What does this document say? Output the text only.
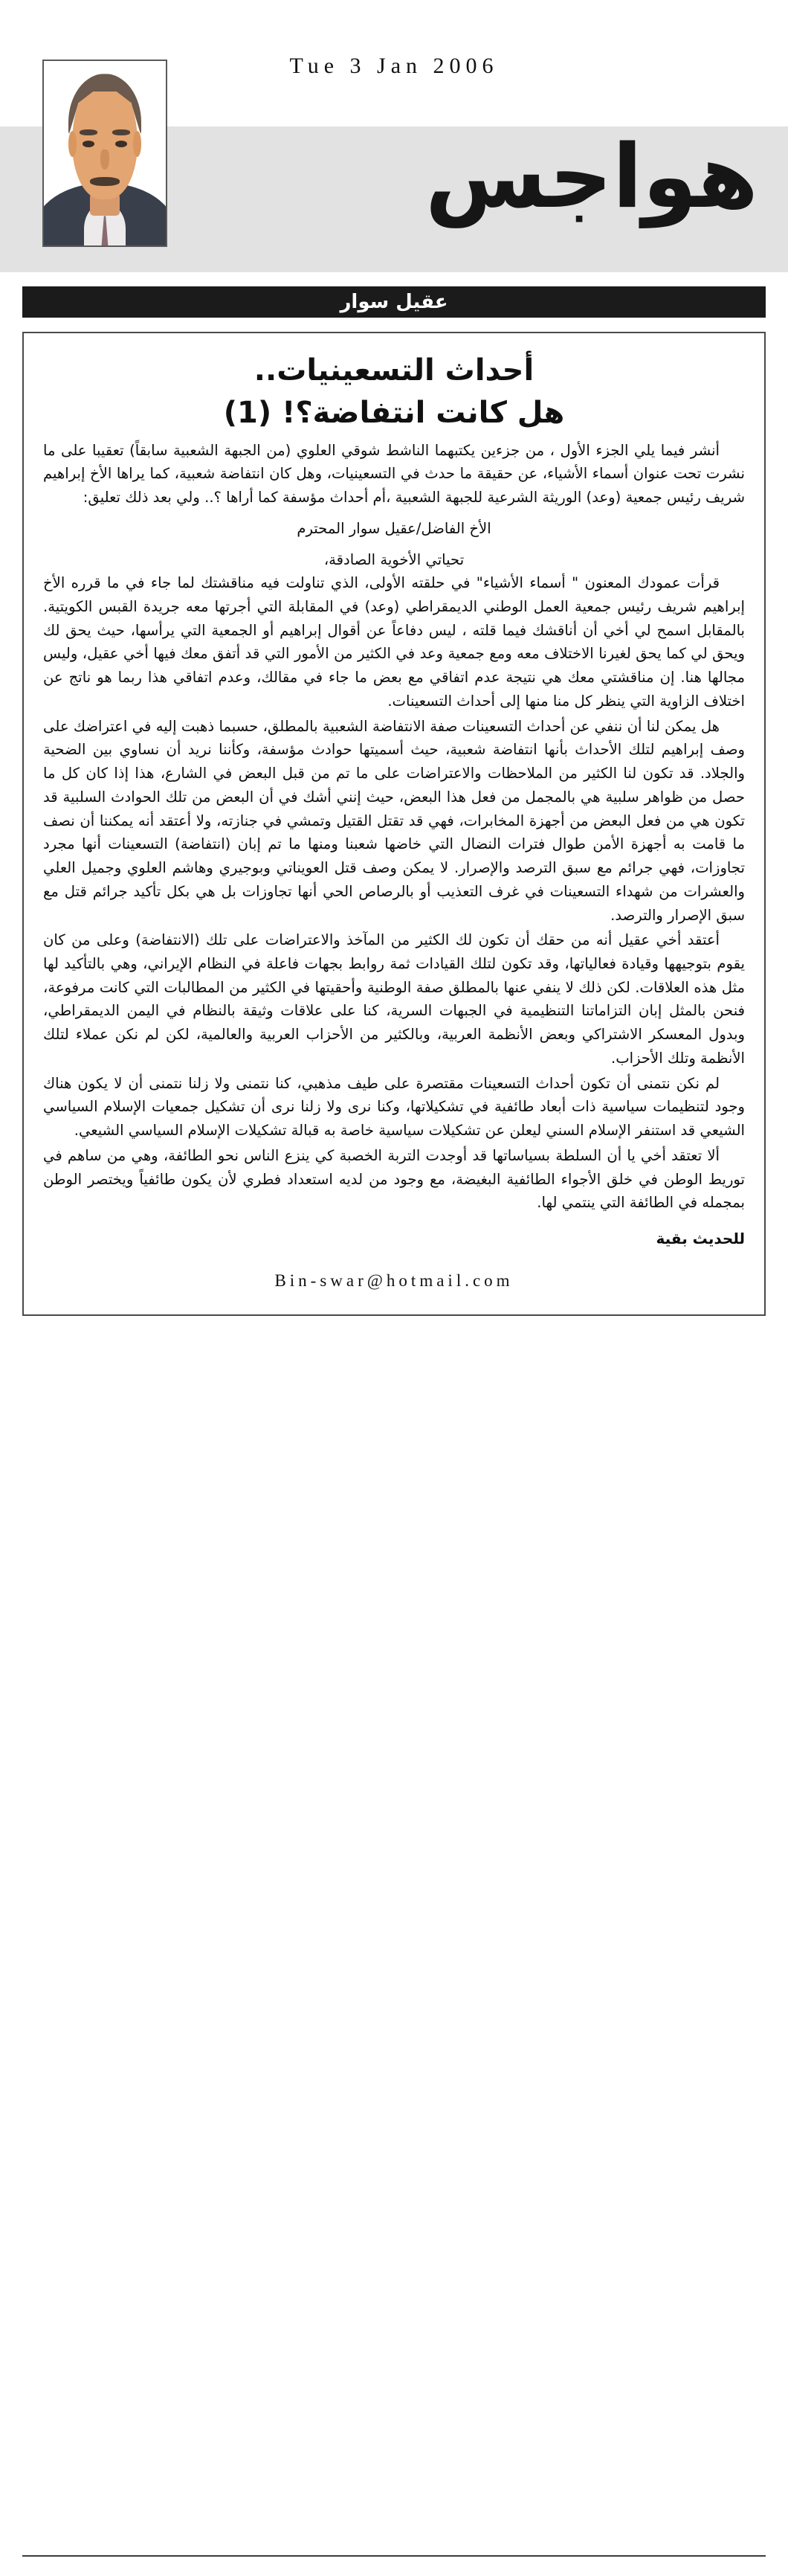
Tue 3 Jan 2006
هواجس
عقيل سوار
أحداث التسعينيات..
هل كانت انتفاضة؟! (1)

أنشر فيما يلي الجزء الأول ، من جزءين يكتبهما الناشط شوقي العلوي (من الجبهة الشعبية سابقاً) تعقيبا على ما نشرت تحت عنوان أسماء الأشياء، عن حقيقة ما حدث في التسعينيات، وهل كان انتفاضة شعبية، كما يراها الأخ إبراهيم شريف رئيس جمعية (وعد) الوريثة الشرعية للجبهة الشعبية ،أم أحداث مؤسفة كما أراها ؟.. ولي بعد ذلك تعليق:

الأخ الفاضل/عقيل سوار المحترم

تحياتي الأخوية الصادقة،

قرأت عمودك المعنون " أسماء الأشياء" في حلقته الأولى، الذي تناولت فيه مناقشتك لما جاء في ما قرره الأخ إبراهيم شريف رئيس جمعية العمل الوطني الديمقراطي (وعد) في المقابلة التي أجرتها معه جريدة القبس الكويتية. بالمقابل اسمح لي أخي أن أناقشك فيما قلته ، ليس دفاعاً عن أقوال إبراهيم أو الجمعية التي يرأسها، حيث يحق لك ويحق لي كما يحق لغيرنا الاختلاف معه ومع جمعية وعد في الكثير من الأمور التي قد أتفق معك فيها أخي عقيل، وليس مجالها هنا. إن مناقشتي معك هي نتيجة عدم اتفاقي مع بعض ما جاء في مقالك، وعدم اتفاقي هذا ربما هو ناتج عن اختلاف الزاوية التي ينظر كل منا منها إلى أحداث التسعينات.

هل يمكن لنا أن ننفي عن أحداث التسعينات صفة الانتفاضة الشعبية بالمطلق، حسبما ذهبت إليه في اعتراضك على وصف إبراهيم لتلك الأحداث بأنها انتفاضة شعبية، حيث أسميتها حوادث مؤسفة، وكأننا نريد أن نساوي بين الضحية والجلاد. قد تكون لنا الكثير من الملاحظات والاعتراضات على ما تم من قبل البعض في الشارع، هذا إذا كان كل ما حصل من ظواهر سلبية هي بالمجمل من فعل هذا البعض، حيث إنني أشك في أن البعض من تلك الحوادث السلبية قد تكون هي من فعل البعض من أجهزة المخابرات، فهي قد تقتل القتيل وتمشي في جنازته، ولا أعتقد أنه يمكننا أن نصف ما قامت به أجهزة الأمن طوال فترات النضال التي خاضها شعبنا ومنها ما تم إبان (انتفاضة) التسعينات أنها مجرد تجاوزات، فهي جرائم مع سبق الترصد والإصرار. لا يمكن وصف قتل العويناتي وبوجيري وهاشم العلوي وجميل العلي والعشرات من شهداء التسعينات في غرف التعذيب أو بالرصاص الحي أنها تجاوزات بل هي بكل تأكيد جرائم قتل مع سبق الإصرار والترصد.

أعتقد أخي عقيل أنه من حقك أن تكون لك الكثير من المآخذ والاعتراضات على تلك (الانتفاضة) وعلى من كان يقوم بتوجيهها وقيادة فعالياتها، وقد تكون لتلك القيادات ثمة روابط بجهات فاعلة في النظام الإيراني، وهي بالتأكيد لها مثل هذه العلاقات. لكن ذلك لا ينفي عنها بالمطلق صفة الوطنية وأحقيتها في الكثير من المطالبات التي كانت مرفوعة، فنحن بالمثل إبان التزاماتنا التنظيمية في الجبهات السرية، كنا على علاقات وثيقة بالنظام في اليمن الديمقراطي، وبدول المعسكر الاشتراكي وبعض الأنظمة العربية، وبالكثير من الأحزاب العربية والعالمية، لكن لم نكن عملاء لتلك الأنظمة وتلك الأحزاب.

لم نكن نتمنى أن تكون أحداث التسعينات مقتصرة على طيف مذهبي، كنا نتمنى ولا زلنا نتمنى أن لا يكون هناك وجود لتنظيمات سياسية ذات أبعاد طائفية في تشكيلاتها، وكنا نرى ولا زلنا نرى أن تشكيل جمعيات الإسلام السياسي الشيعي قد استنفر الإسلام السني ليعلن عن تشكيلات سياسية خاصة به قبالة تشكيلات الإسلام السياسي الشيعي.

ألا تعتقد أخي يا أن السلطة بسياساتها قد أوجدت التربة الخصبة كي ينزع الناس نحو الطائفة، وهي من ساهم في توريط الوطن في خلق الأجواء الطائفية البغيضة، مع وجود من لديه استعداد فطري لأن يكون طائفياً ويختصر الوطن بمجمله في الطائفة التي ينتمي لها.

للحديث بقية
Bin-swar@hotmail.com
